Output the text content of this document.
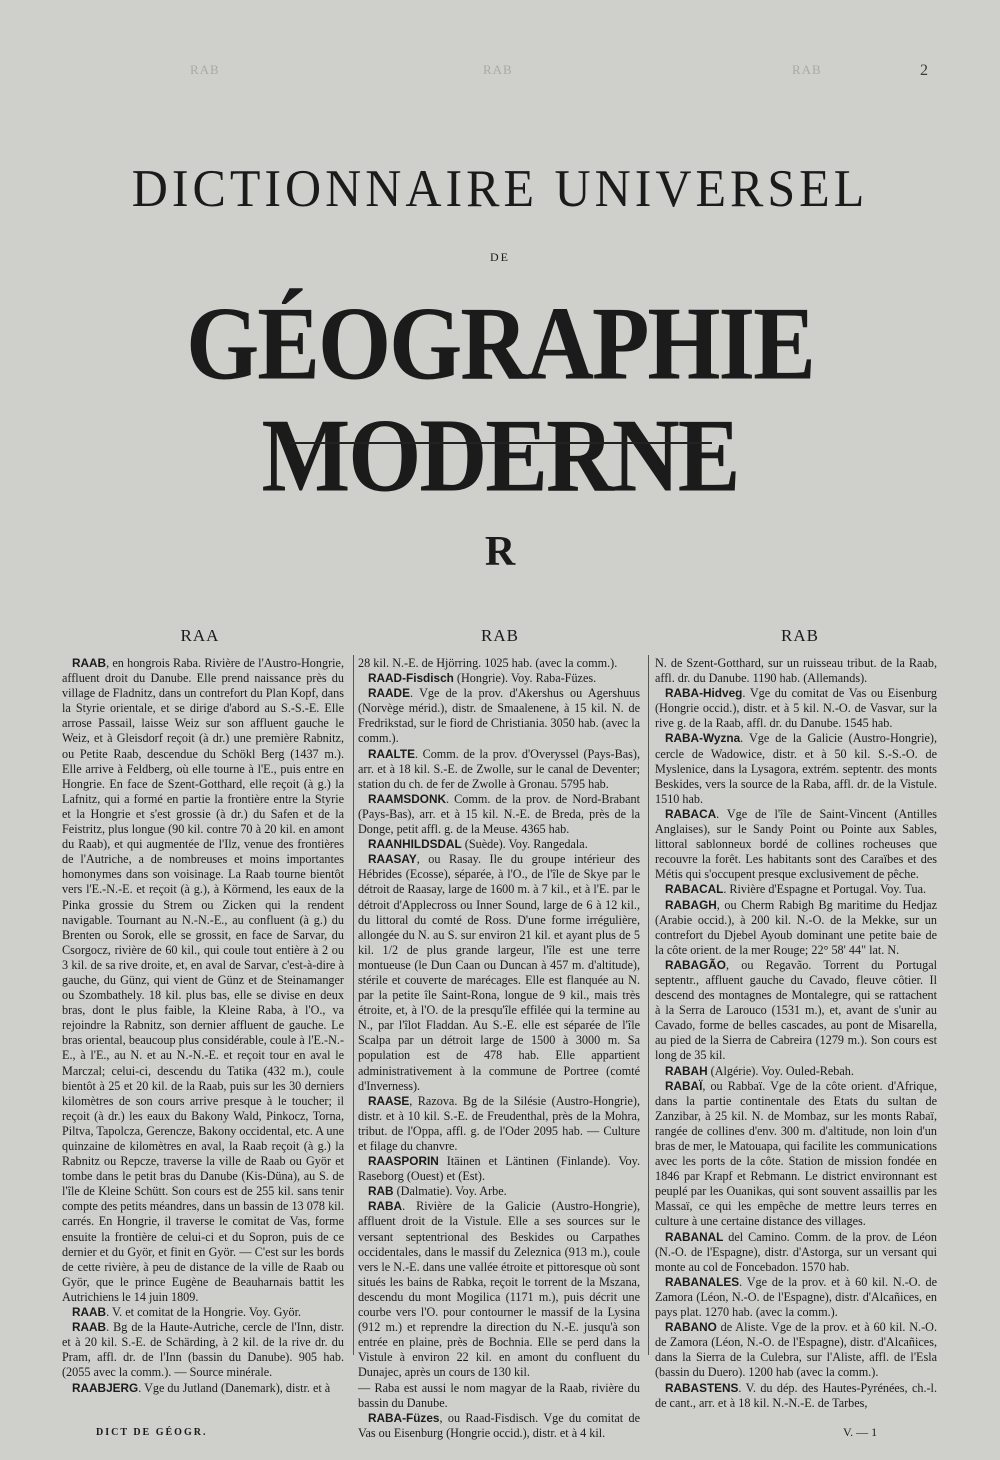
RAB	RAB	RAB	2
DICTIONNAIRE UNIVERSEL
DE
GÉOGRAPHIE MODERNE
R
RAA	RAB	RAB

RAAB, en hongrois Raba. Rivière de l'Austro-Hongrie, affluent droit du Danube. Elle prend naissance près du village de Fladnitz, dans un contrefort du Plan Kopf, dans la Styrie orientale, et se dirige d'abord au S.-S.-E. Elle arrose Passail, laisse Weiz sur son affluent gauche le Weiz, et à Gleisdorf reçoit (à dr.) une première Rabnitz, ou Petite Raab, descendue du Schökl Berg (1437 m.). Elle arrive à Feldberg, où elle tourne à l'E., puis entre en Hongrie. En face de Szent-Gotthard, elle reçoit (à g.) la Lafnitz, qui a formé en partie la frontière entre la Styrie et la Hongrie et s'est grossie (à dr.) du Safen et de la Feistritz, plus longue (90 kil. contre 70 à 20 kil. en amont du Raab), et qui augmentée de l'Ilz, venue des frontières de l'Autriche, a de nombreuses et moins importantes homonymes dans son voisinage. La Raab tourne bientôt vers l'E.-N.-E. et reçoit (à g.), à Körmend, les eaux de la Pinka grossie du Strem ou Zicken qui la rendent navigable. Tournant au N.-N.-E., au confluent (à g.) du Brenten ou Sorok, elle se grossit, en face de Sarvar, du Csorgocz, rivière de 60 kil., qui coule tout entière à 2 ou 3 kil. de sa rive droite, et, en aval de Sarvar, c'est-à-dire à gauche, du Günz, qui vient de Günz et de Steinamanger ou Szombathely. 18 kil. plus bas, elle se divise en deux bras, dont le plus faible, la Kleine Raba, à l'O., va rejoindre la Rabnitz, son dernier affluent de gauche. Le bras oriental, beaucoup plus considérable, coule à l'E.-N.-E., à l'E., au N. et au N.-N.-E. et reçoit tour en aval le Marczal; celui-ci, descendu du Tatika (432 m.), coule bientôt à 25 et 20 kil. de la Raab, puis sur les 30 derniers kilomètres de son cours arrive presque à le toucher; il reçoit (à dr.) les eaux du Bakony Wald, Pinkocz, Torna, Piltva, Tapolcza, Gerencze, Bakony occidental, etc. A une quinzaine de kilomètres en aval, la Raab reçoit (à g.) la Rabnitz ou Repcze, traverse la ville de Raab ou Györ et tombe dans le petit bras du Danube (Kis-Düna), au S. de l'île de Kleine Schütt. Son cours est de 255 kil. sans tenir compte des petits méandres, dans un bassin de 13 078 kil. carrés. En Hongrie, il traverse le comitat de Vas, forme ensuite la frontière de celui-ci et du Sopron, puis de ce dernier et du Györ, et finit en Györ. — C'est sur les bords de cette rivière, à peu de distance de la ville de Raab ou Györ, que le prince Eugène de Beauharnais battit les Autrichiens le 14 juin 1809.

RAAB. V. et comitat de la Hongrie. Voy. Györ.

RAAB. Bg de la Haute-Autriche, cercle de l'Inn, distr. et à 20 kil. S.-E. de Schärding, à 2 kil. de la rive dr. du Pram, affl. dr. de l'Inn (bassin du Danube). 905 hab. (2055 avec la comm.). — Source minérale.

RAABJERG. Vge du Jutland (Danemark), distr. et à

28 kil. N.-E. de Hjörring. 1025 hab. (avec la comm.).

RAAD-Fisdisch (Hongrie). Voy. Raba-Füzes.

RAADE. Vge de la prov. d'Akershus ou Agershuus (Norvège mérid.), distr. de Smaalenene, à 15 kil. N. de Fredrikstad, sur le fiord de Christiania. 3050 hab. (avec la comm.).

RAALTE. Comm. de la prov. d'Overyssel (Pays-Bas), arr. et à 18 kil. S.-E. de Zwolle, sur le canal de Deventer; station du ch. de fer de Zwolle à Gronau. 5795 hab.

RAAMSDONK. Comm. de la prov. de Nord-Brabant (Pays-Bas), arr. et à 15 kil. N.-E. de Breda, près de la Donge, petit affl. g. de la Meuse. 4365 hab.

RAANHILDSDAL (Suède). Voy. Rangedala.

RAASAY, ou Rasay. Ile du groupe intérieur des Hébrides (Ecosse), séparée, à l'O., de l'île de Skye par le détroit de Raasay, large de 1600 m. à 7 kil., et à l'E. par le détroit d'Applecross ou Inner Sound, large de 6 à 12 kil., du littoral du comté de Ross. D'une forme irrégulière, allongée du N. au S. sur environ 21 kil. et ayant plus de 5 kil. 1/2 de plus grande largeur, l'île est une terre montueuse (le Dun Caan ou Duncan à 457 m. d'altitude), stérile et couverte de marécages. Elle est flanquée au N. par la petite île Saint-Rona, longue de 9 kil., mais très étroite, et, à l'O. de la presqu'île effilée qui la termine au N., par l'îlot Fladdan. Au S.-E. elle est séparée de l'île Scalpa par un détroit large de 1500 à 3000 m. Sa population est de 478 hab. Elle appartient administrativement à la commune de Portree (comté d'Inverness).

RAASE, Razova. Bg de la Silésie (Austro-Hongrie), distr. et à 10 kil. S.-E. de Freudenthal, près de la Mohra, tribut. de l'Oppa, affl. g. de l'Oder 2095 hab. — Culture et filage du chanvre.

RAASPORIN Itäinen et Läntinen (Finlande). Voy. Raseborg (Ouest) et (Est).

RAB (Dalmatie). Voy. Arbe.

RABA. Rivière de la Galicie (Austro-Hongrie), affluent droit de la Vistule. Elle a ses sources sur le versant septentrional des Beskides ou Carpathes occidentales, dans le massif du Zeleznica (913 m.), coule vers le N.-E. dans une vallée étroite et pittoresque où sont situés les bains de Rabka, reçoit le torrent de la Mszana, descendu du mont Mogilica (1171 m.), puis décrit une courbe vers l'O. pour contourner le massif de la Lysina (912 m.) et reprendre la direction du N.-E. jusqu'à son entrée en plaine, près de Bochnia. Elle se perd dans la Vistule à environ 22 kil. en amont du confluent du Dunajec, après un cours de 130 kil.

— Raba est aussi le nom magyar de la Raab, rivière du bassin du Danube.

RABA-Füzes, ou Raad-Fisdisch. Vge du comitat de Vas ou Eisenburg (Hongrie occid.), distr. et à 4 kil.

N. de Szent-Gotthard, sur un ruisseau tribut. de la Raab, affl. dr. du Danube. 1190 hab. (Allemands).

RABA-Hidveg. Vge du comitat de Vas ou Eisenburg (Hongrie occid.), distr. et à 5 kil. N.-O. de Vasvar, sur la rive g. de la Raab, affl. dr. du Danube. 1545 hab.

RABA-Wyzna. Vge de la Galicie (Austro-Hongrie), cercle de Wadowice, distr. et à 50 kil. S.-S.-O. de Myslenice, dans la Lysagora, extrém. septentr. des monts Beskides, vers la source de la Raba, affl. dr. de la Vistule. 1510 hab.

RABACA. Vge de l'île de Saint-Vincent (Antilles Anglaises), sur le Sandy Point ou Pointe aux Sables, littoral sablonneux bordé de collines rocheuses que recouvre la forêt. Les habitants sont des Caraïbes et des Métis qui s'occupent presque exclusivement de pêche.

RABACAL. Rivière d'Espagne et Portugal. Voy. Tua.

RABAGH, ou Cherm Rabigh Bg maritime du Hedjaz (Arabie occid.), à 200 kil. N.-O. de la Mekke, sur un contrefort du Djebel Ayoub dominant une petite baie de la côte orient. de la mer Rouge; 22° 58' 44" lat. N.

RABAGÃO, ou Regavão. Torrent du Portugal septentr., affluent gauche du Cavado, fleuve côtier. Il descend des montagnes de Montalegre, qui se rattachent à la Serra de Larouco (1531 m.), et, avant de s'unir au Cavado, forme de belles cascades, au pont de Misarella, au pied de la Sierra de Cabreira (1279 m.). Son cours est long de 35 kil.

RABAH (Algérie). Voy. Ouled-Rebah.

RABAÏ, ou Rabbaï. Vge de la côte orient. d'Afrique, dans la partie continentale des Etats du sultan de Zanzibar, à 25 kil. N. de Mombaz, sur les monts Rabaï, rangée de collines d'env. 300 m. d'altitude, non loin d'un bras de mer, le Matouapa, qui facilite les communications avec les ports de la côte. Station de mission fondée en 1846 par Krapf et Rebmann. Le district environnant est peuplé par les Ouanikas, qui sont souvent assaillis par les Massaï, ce qui les empêche de mettre leurs terres en culture à une certaine distance des villages.

RABANAL del Camino. Comm. de la prov. de Léon (N.-O. de l'Espagne), distr. d'Astorga, sur un versant qui monte au col de Foncebadon. 1570 hab.

RABANALES. Vge de la prov. et à 60 kil. N.-O. de Zamora (Léon, N.-O. de l'Espagne), distr. d'Alcañices, en pays plat. 1270 hab. (avec la comm.).

RABANO de Aliste. Vge de la prov. et à 60 kil. N.-O. de Zamora (Léon, N.-O. de l'Espagne), distr. d'Alcañices, dans la Sierra de la Culebra, sur l'Aliste, affl. de l'Esla (bassin du Duero). 1200 hab (avec la comm.).

RABASTENS. V. du dép. des Hautes-Pyrénées, ch.-l. de cant., arr. et à 18 kil. N.-N.-E. de Tarbes,

DICT DE GÉOGR.	V. — 1
